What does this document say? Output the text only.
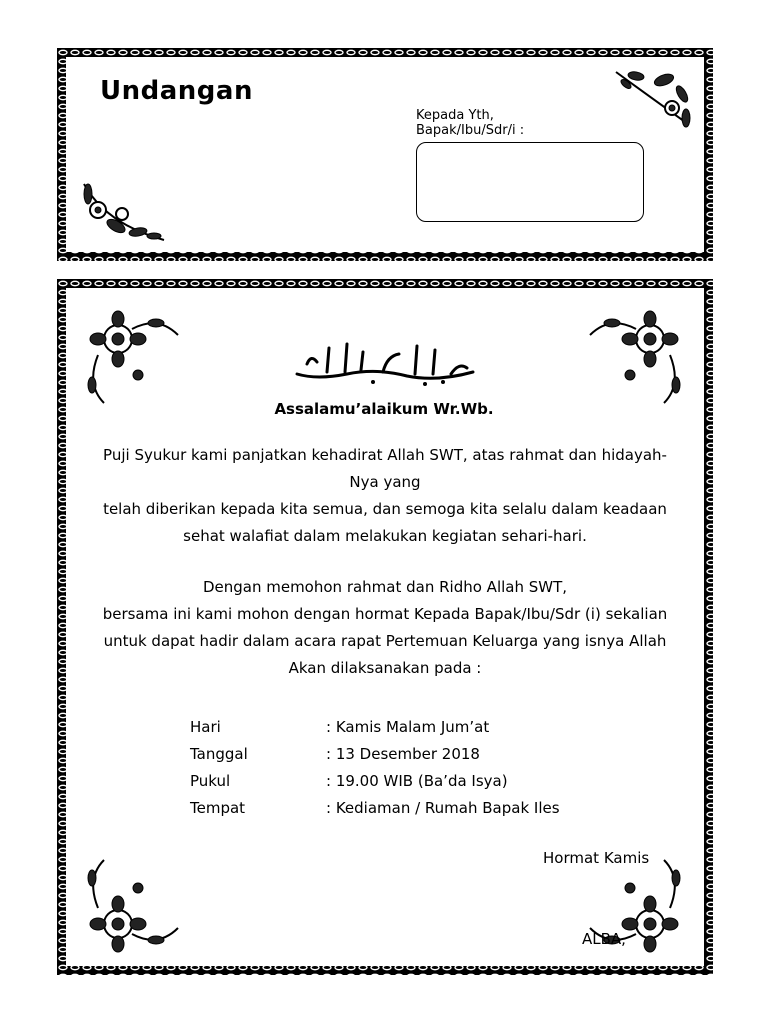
Undangan
Kepada Yth,
Bapak/Ibu/Sdr/i :
Assalamu’alaikum Wr.Wb.
Puji Syukur kami panjatkan kehadirat Allah SWT, atas rahmat dan hidayah-
Nya yang
telah diberikan kepada kita semua, dan semoga kita selalu dalam keadaan
sehat walafiat dalam melakukan kegiatan sehari-hari.
Dengan memohon rahmat dan Ridho Allah SWT,
bersama ini kami mohon dengan hormat Kepada Bapak/Ibu/Sdr (i) sekalian
untuk dapat hadir dalam acara rapat Pertemuan Keluarga yang isnya Allah
Akan dilaksanakan pada :
Hari	: Kamis Malam Jum’at
Tanggal	: 13 Desember 2018
Pukul	: 19.00 WIB (Ba’da Isya)
Tempat	: Kediaman / Rumah Bapak Iles
Hormat Kamis
ALBA,
